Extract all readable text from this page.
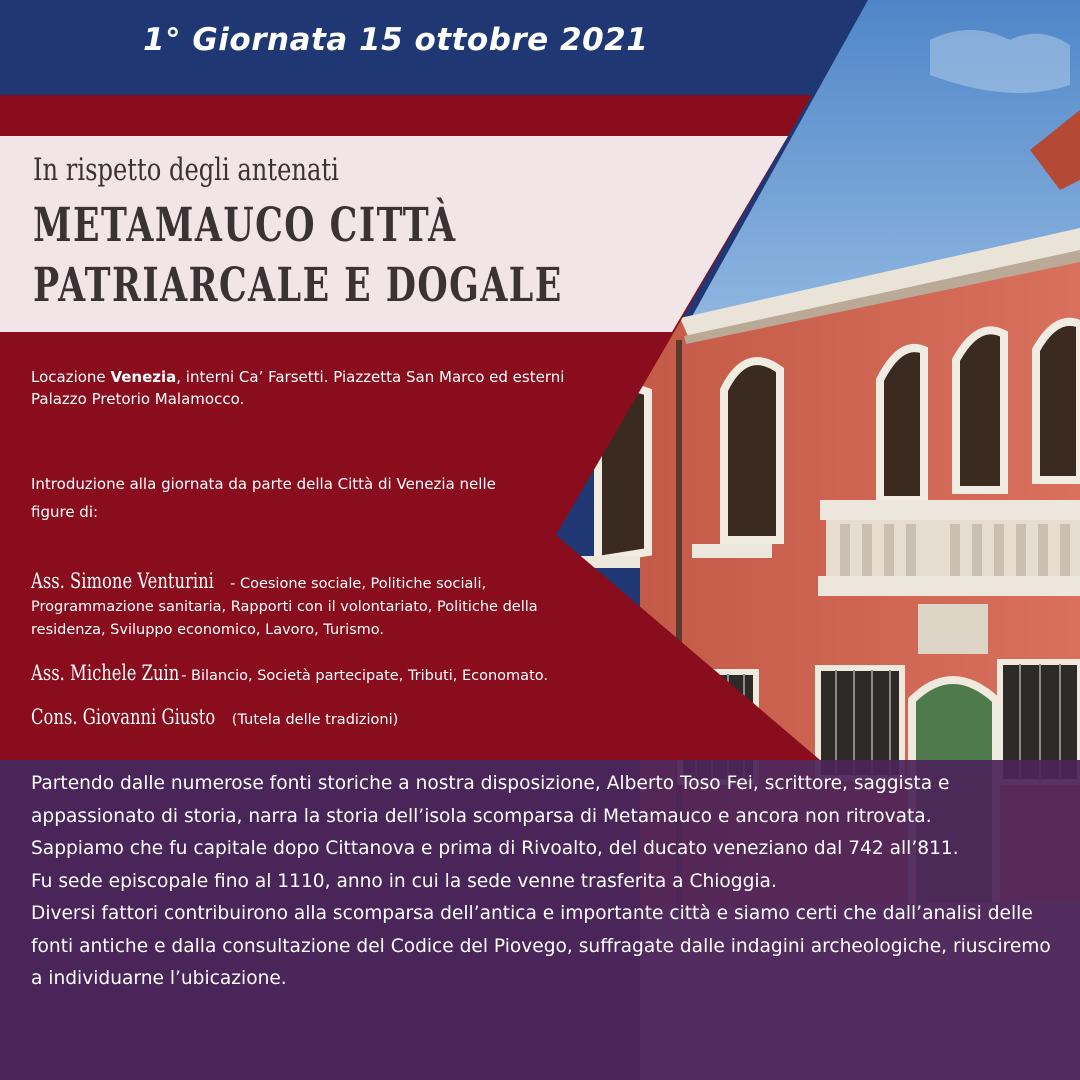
1° Giornata 15 ottobre 2021
In rispetto degli antenati
METAMAUCO CITTÀ
PATRIARCALE E DOGALE
Locazione Venezia, interni Ca’ Farsetti. Piazzetta San Marco ed esterni Palazzo Pretorio Malamocco.
Introduzione alla giornata da parte della Città di Venezia nelle figure di:
Ass. Simone Venturini - Coesione sociale, Politiche sociali, Programmazione sanitaria, Rapporti con il volontariato, Politiche della residenza, Sviluppo economico, Lavoro, Turismo.
Ass. Michele Zuin - Bilancio, Società partecipate, Tributi, Economato.
Cons. Giovanni Giusto (Tutela delle tradizioni)

Partendo dalle numerose fonti storiche a nostra disposizione, Alberto Toso Fei, scrittore, saggista e appassionato di storia, narra la storia dell’isola scomparsa di Metamauco e ancora non ritrovata.

Sappiamo che fu capitale dopo Cittanova e prima di Rivoalto, del ducato veneziano dal 742 all’811.

Fu sede episcopale fino al 1110, anno in cui la sede venne trasferita a Chioggia.

Diversi fattori contribuirono alla scomparsa dell’antica e importante città e siamo certi che dall’analisi delle fonti antiche e dalla consultazione del Codice del Piovego, suffragate dalle indagini archeologiche, riusciremo a individuarne l’ubicazione.
